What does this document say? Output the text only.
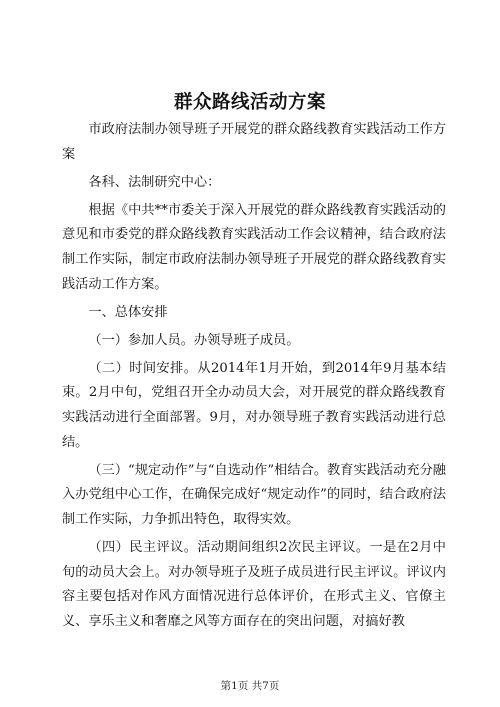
群众路线活动方案

市政府法制办领导班子开展党的群众路线教育实践活动工作方案

各科、法制研究中心：

根据《中共**市委关于深入开展党的群众路线教育实践活动的意见和市委党的群众路线教育实践活动工作会议精神，结合政府法制工作实际，制定市政府法制办领导班子开展党的群众路线教育实践活动工作方案。

一、总体安排

（一）参加人员。办领导班子成员。

（二）时间安排。从2014年1月开始，到2014年9月基本结束。2月中旬，党组召开全办动员大会，对开展党的群众路线教育实践活动进行全面部署。9月，对办领导班子教育实践活动进行总结。

（三）“规定动作”与“自选动作”相结合。教育实践活动充分融入办党组中心工作，在确保完成好“规定动作”的同时，结合政府法制工作实际，力争抓出特色，取得实效。

（四）民主评议。活动期间组织2次民主评议。一是在2月中旬的动员大会上。对办领导班子及班子成员进行民主评议。评议内容主要包括对作风方面情况进行总体评价，在形式主义、官僚主义、享乐主义和奢靡之风等方面存在的突出问题，对搞好教

第1页 共7页
